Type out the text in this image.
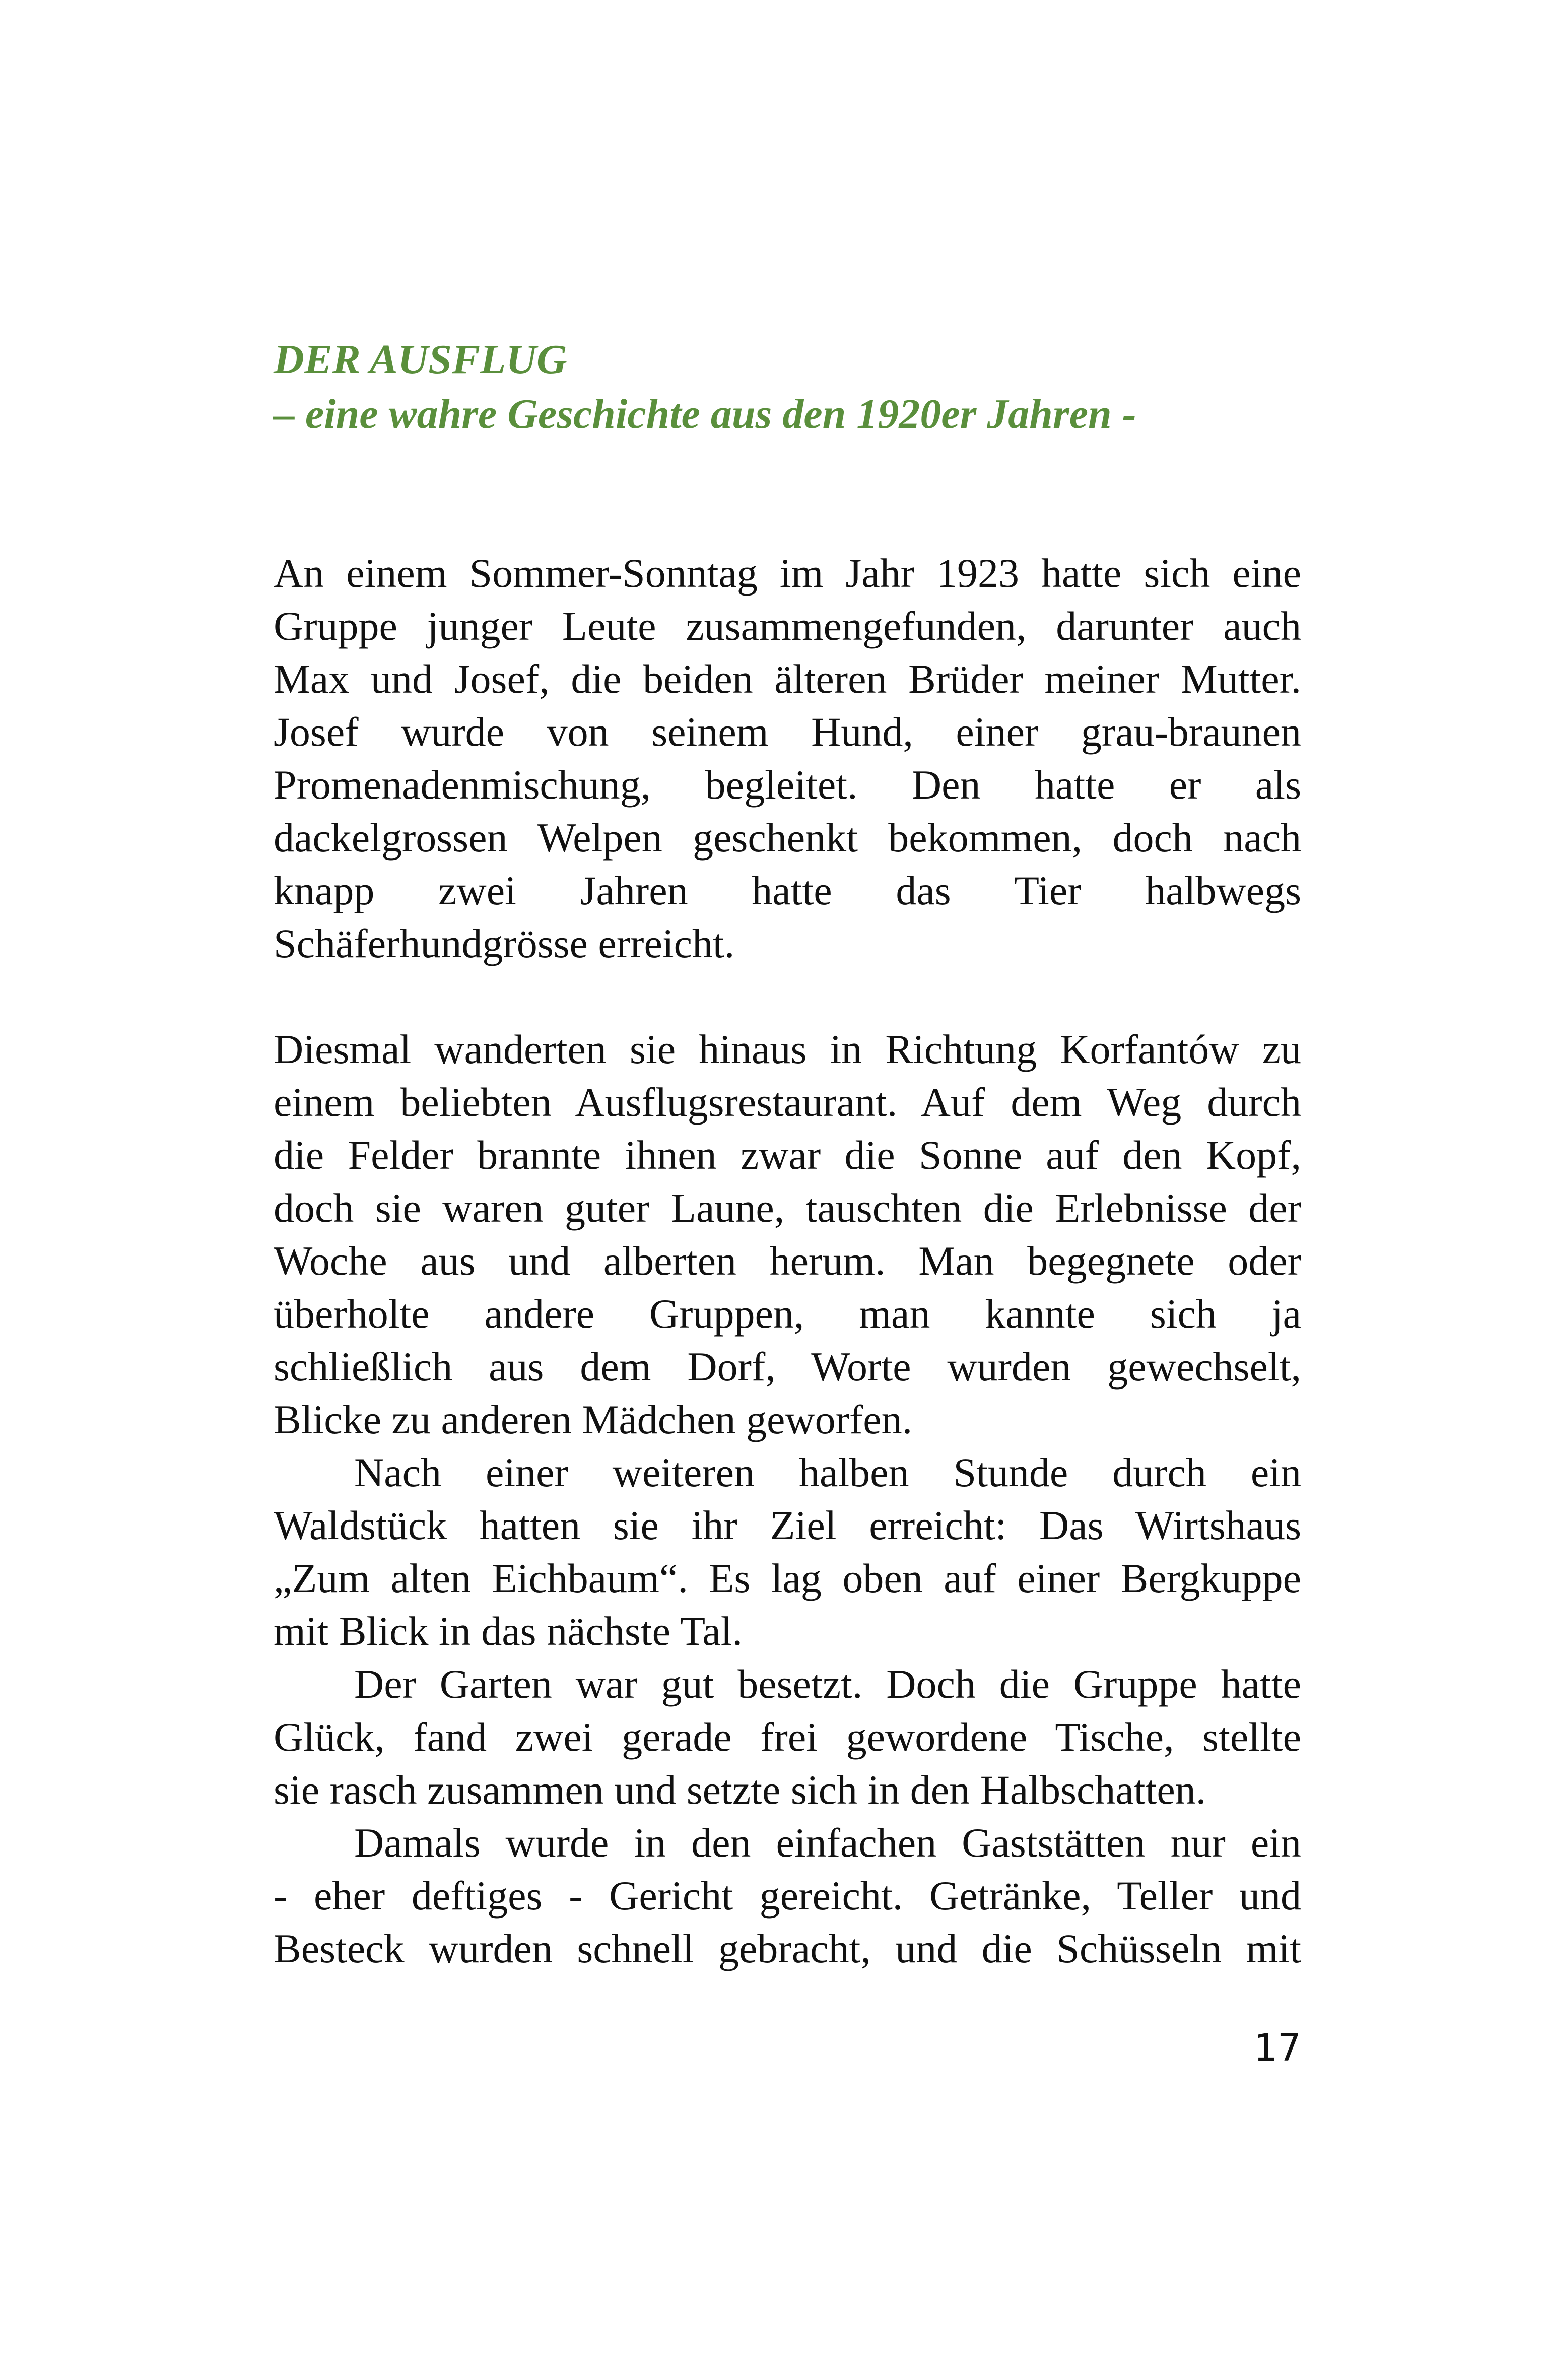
DER AUSFLUG

– eine wahre Geschichte aus den 1920er Jahren -

An einem Sommer-Sonntag im Jahr 1923 hatte sich eine
Gruppe junger Leute zusammengefunden, darunter auch
Max und Josef, die beiden älteren Brüder meiner Mutter.
Josef wurde von seinem Hund, einer grau-braunen
Promenadenmischung, begleitet. Den hatte er als
dackelgrossen Welpen geschenkt bekommen, doch nach
knapp zwei Jahren hatte das Tier halbwegs
Schäferhundgrösse erreicht.
Diesmal wanderten sie hinaus in Richtung Korfantów zu
einem beliebten Ausflugsrestaurant. Auf dem Weg durch
die Felder brannte ihnen zwar die Sonne auf den Kopf,
doch sie waren guter Laune, tauschten die Erlebnisse der
Woche aus und alberten herum. Man begegnete oder
überholte andere Gruppen, man kannte sich ja
schließlich aus dem Dorf, Worte wurden gewechselt,
Blicke zu anderen Mädchen geworfen.
Nach einer weiteren halben Stunde durch ein
Waldstück hatten sie ihr Ziel erreicht: Das Wirtshaus
„Zum alten Eichbaum“. Es lag oben auf einer Bergkuppe
mit Blick in das nächste Tal.
Der Garten war gut besetzt. Doch die Gruppe hatte
Glück, fand zwei gerade frei gewordene Tische, stellte
sie rasch zusammen und setzte sich in den Halbschatten.
Damals wurde in den einfachen Gaststätten nur ein
- eher deftiges - Gericht gereicht. Getränke, Teller und
Besteck wurden schnell gebracht, und die Schüsseln mit
17
